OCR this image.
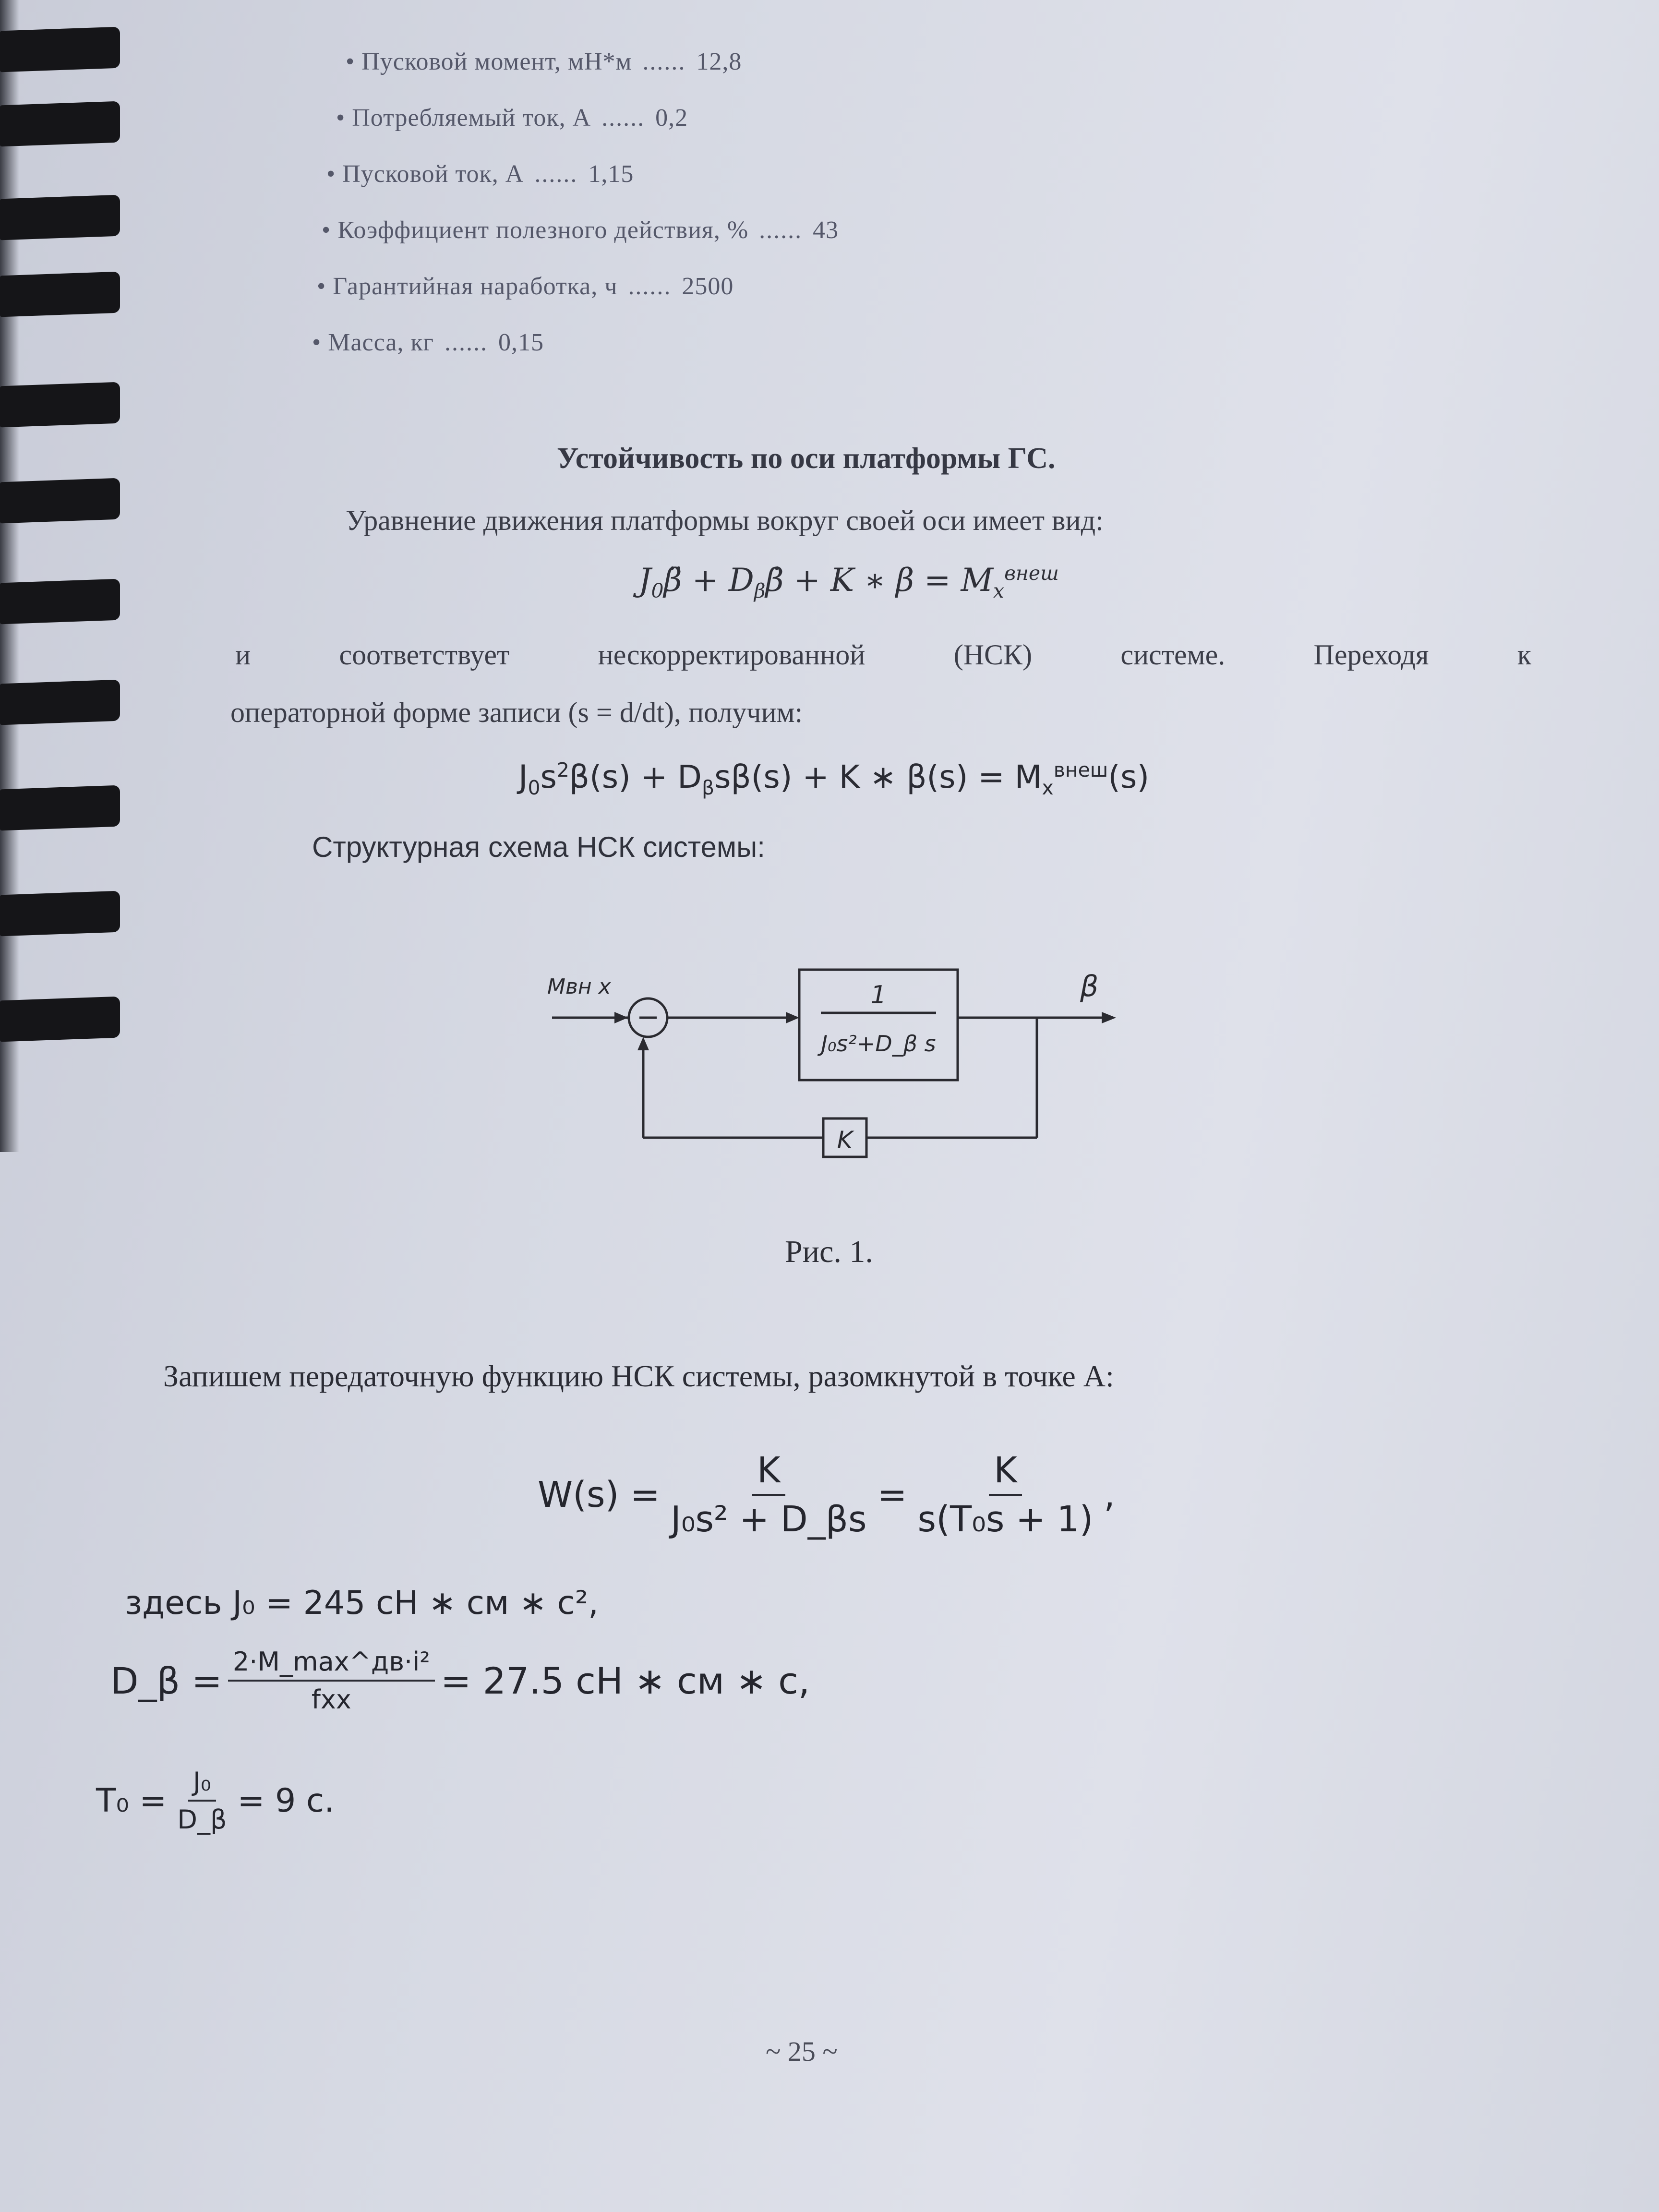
• Пусковой момент, мН*м ...... 12,8
• Потребляемый ток, А ...... 0,2
• Пусковой ток, А ...... 1,15
• Коэффициент полезного действия, % ...... 43
• Гарантийная наработка, ч ...... 2500
• Масса, кг ...... 0,15
Устойчивость по оси платформы ГС.
Уравнение движения платформы вокруг своей оси имеет вид:
$J_0\betä$ + $D_\beta\betȧ + K$ ∗ $\beta = M_x^{внеш}$
и	соответствует	нескорректированной	(НСК)	системе.	Переходя	к
операторной форме записи (s = d/dt), получим:
$J_0s^2\beta(s) + D_\beta s\beta(s) + K$ ∗ $\beta(s) = M_x^{внеш}(s)$
Структурная схема НСК системы:
Mвн x	β
1
J₀s²+D_β s
K
Рис. 1.
Запишем передаточную функцию НСК системы, разомкнутой в точке А:
$W(s) = \frac{K}{\text{J₀s² + D\_βs}} = \frac{K}{\text{s(T₀s + 1)}}$ ,
здесь J₀ = 245 сН ∗ см ∗ с²,
D_β = $\frac{\text{2·M\_max\textasciicircum{}дв·i²}}{\text{fxx}} = 27.5$ сН ∗ см ∗ с,
$T_0 = \frac{\text{J₀}}{D\_\beta} = 9$ с.
~ 25 ~
